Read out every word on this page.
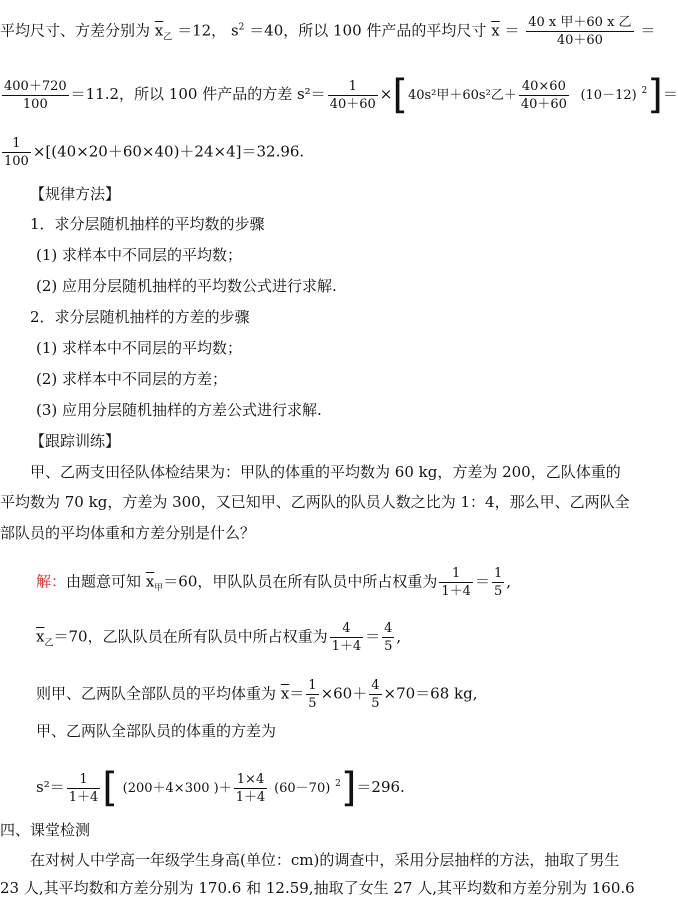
平均尺寸、方差分别为 $\overline{x}_乙 =12$， $s^2 =40$，所以 100 件产品的平均尺寸 $\overline{x} = \frac{\text{40 x 甲＋60 x 乙}}{40+60}$ ＝
$\frac{400+720}{100} =11.2$，所以 100 件产品的方差 $s^2= \frac{1}{40+60} \times[40s^2$甲＋60s²乙＋ $\frac{40\times 60}{40+60} (10-12)$ $^2$]＝
$\frac{1}{100} \times[(40\times 20+60\times 40)+24\times 4]=32.96$.
【规律方法】
1．求分层随机抽样的平均数的步骤
(1) 求样本中不同层的平均数；
(2) 应用分层随机抽样的平均数公式进行求解.
2．求分层随机抽样的方差的步骤
(1) 求样本中不同层的平均数；
(2) 求样本中不同层的方差；
(3) 应用分层随机抽样的方差公式进行求解.
【跟踪训练】
甲、乙两支田径队体检结果为：甲队的体重的平均数为 60 kg，方差为 200，乙队体重的
平均数为 70 kg，方差为 300，又已知甲、乙两队的队员人数之比为 1：4，那么甲、乙两队全
部队员的平均体重和方差分别是什么？
解：由题意可知 $\overline{x}_甲=60$，甲队队员在所有队员中所占权重为 $\frac{1}{1+4} = \frac{1}{5}$ ,
$\overline{x}_乙=70$，乙队队员在所有队员中所占权重为 $\frac{4}{1+4} = \frac{4}{5}$ ,
则甲、乙两队全部队员的平均体重为 $\overline{x}= \frac{1}{5} \times 60+ \frac{4}{5} \times 70=68$ kg,
甲、乙两队全部队员的体重的方差为
$s^2= \frac{1}{1+4}$ [ (200＋4×300 )＋ $\frac{1\times 4}{1+4} (60-70)$ $^2$]＝296.
四、课堂检测
在对树人中学高一年级学生身高(单位：cm)的调查中，采用分层抽样的方法，抽取了男生
23 人,其平均数和方差分别为 170.6 和 12.59,抽取了女生 27 人,其平均数和方差分别为 160.6
